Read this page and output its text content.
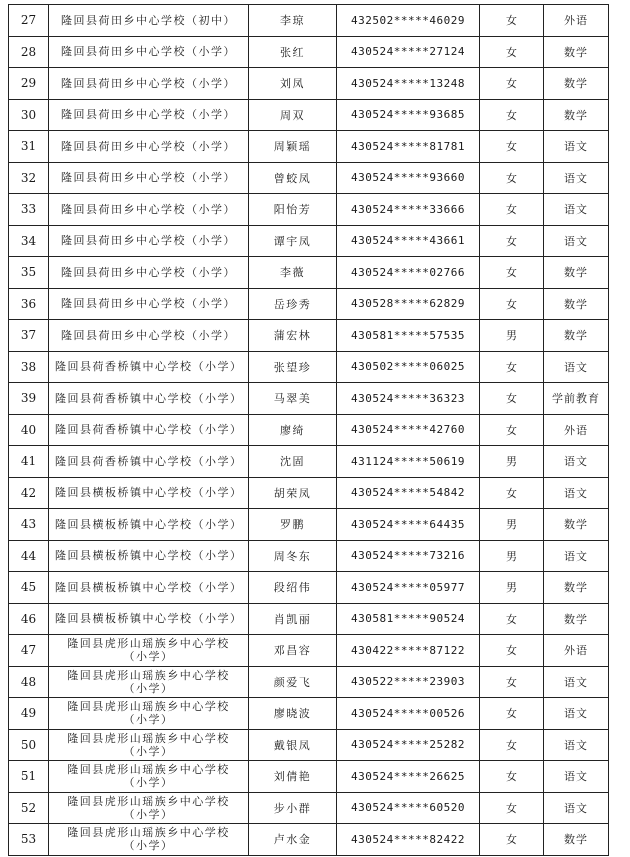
27	隆回县荷田乡中心学校（初中）	李琼	432502*****46029	女	外语
28	隆回县荷田乡中心学校（小学）	张红	430524*****27124	女	数学
29	隆回县荷田乡中心学校（小学）	刘凤	430524*****13248	女	数学
30	隆回县荷田乡中心学校（小学）	周双	430524*****93685	女	数学
31	隆回县荷田乡中心学校（小学）	周颖瑶	430524*****81781	女	语文
32	隆回县荷田乡中心学校（小学）	曾蛟凤	430524*****93660	女	语文
33	隆回县荷田乡中心学校（小学）	阳怡芳	430524*****33666	女	语文
34	隆回县荷田乡中心学校（小学）	谭宇凤	430524*****43661	女	语文
35	隆回县荷田乡中心学校（小学）	李薇	430524*****02766	女	数学
36	隆回县荷田乡中心学校（小学）	岳珍秀	430528*****62829	女	数学
37	隆回县荷田乡中心学校（小学）	蒲宏林	430581*****57535	男	数学
38	隆回县荷香桥镇中心学校（小学）	张望珍	430502*****06025	女	语文
39	隆回县荷香桥镇中心学校（小学）	马翠美	430524*****36323	女	学前教育
40	隆回县荷香桥镇中心学校（小学）	廖绮	430524*****42760	女	外语
41	隆回县荷香桥镇中心学校（小学）	沈固	431124*****50619	男	语文
42	隆回县横板桥镇中心学校（小学）	胡荣凤	430524*****54842	女	语文
43	隆回县横板桥镇中心学校（小学）	罗鹏	430524*****64435	男	数学
44	隆回县横板桥镇中心学校（小学）	周冬东	430524*****73216	男	语文
45	隆回县横板桥镇中心学校（小学）	段绍伟	430524*****05977	男	数学
46	隆回县横板桥镇中心学校（小学）	肖凯丽	430581*****90524	女	数学
47	隆回县虎形山瑶族乡中心学校（小学）	邓昌容	430422*****87122	女	外语
48	隆回县虎形山瑶族乡中心学校（小学）	颜爱飞	430522*****23903	女	语文
49	隆回县虎形山瑶族乡中心学校（小学）	廖晓波	430524*****00526	女	语文
50	隆回县虎形山瑶族乡中心学校（小学）	戴银凤	430524*****25282	女	语文
51	隆回县虎形山瑶族乡中心学校（小学）	刘倩艳	430524*****26625	女	语文
52	隆回县虎形山瑶族乡中心学校（小学）	步小群	430524*****60520	女	语文
53	隆回县虎形山瑶族乡中心学校（小学）	卢水金	430524*****82422	女	数学
